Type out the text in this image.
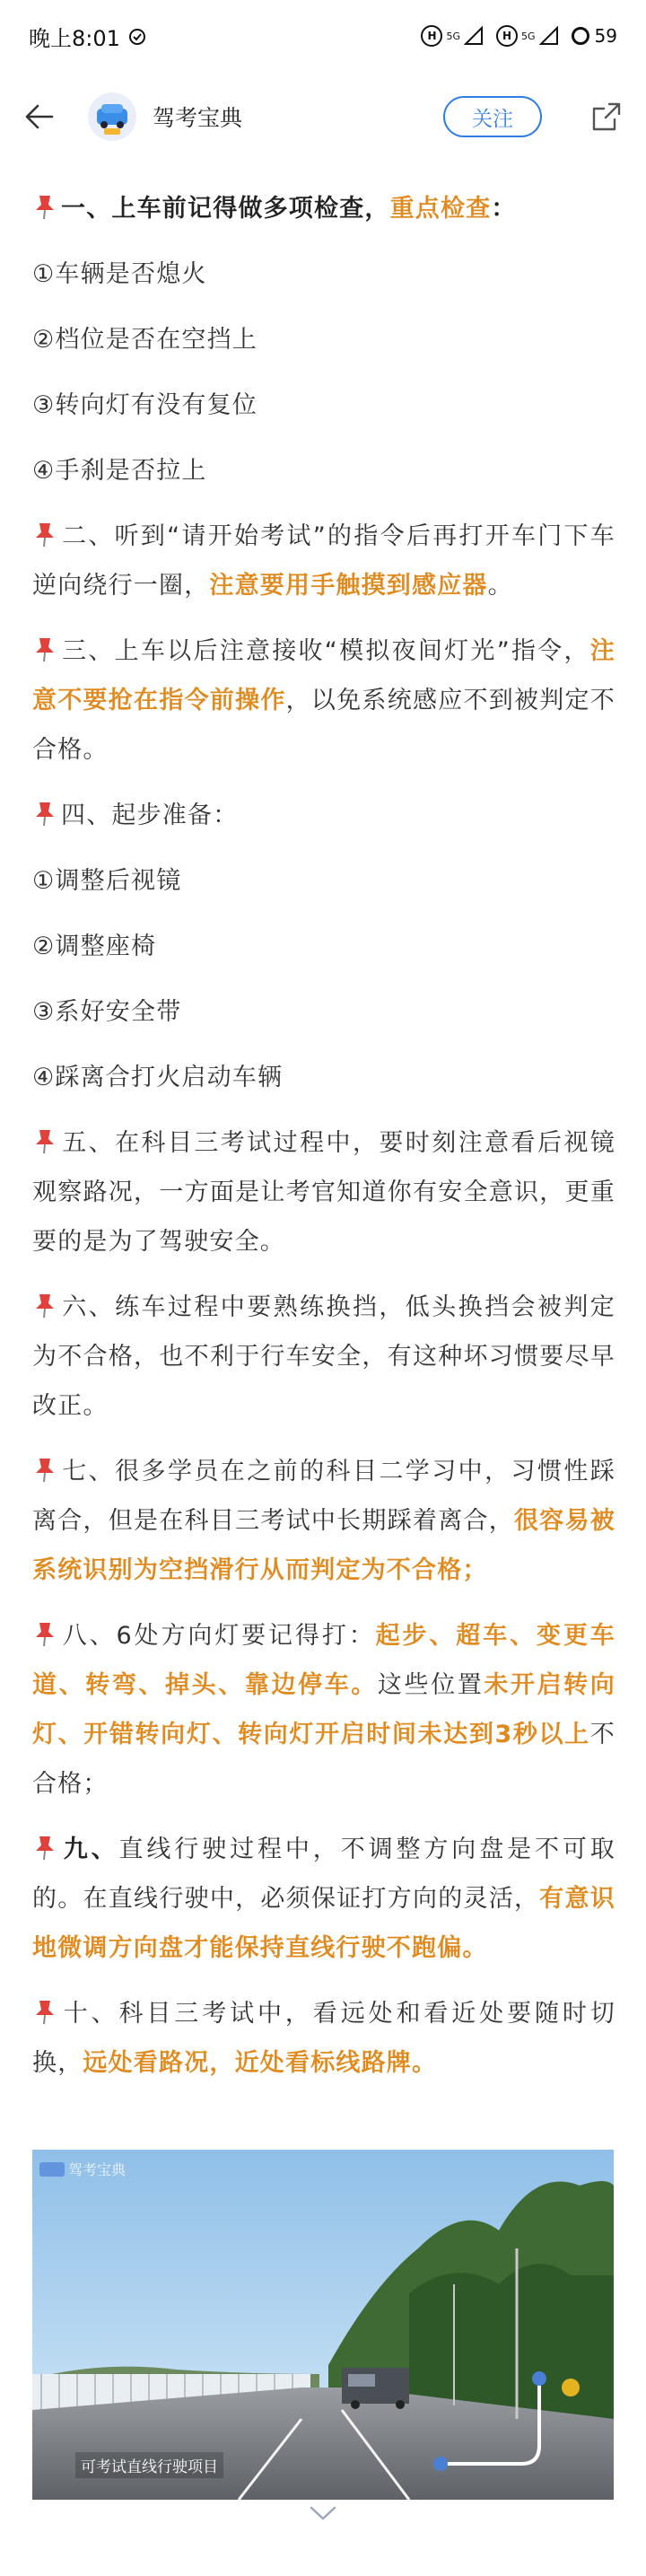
晚上8:01	H 5G	H 5G	59
驾考宝典	关注

一、上车前记得做多项检查，重点检查：

①车辆是否熄火

②档位是否在空挡上

③转向灯有没有复位

④手刹是否拉上

二、听到“请开始考试”的指令后再打开车门下车逆向绕行一圈，注意要用手触摸到感应器。

三、上车以后注意接收“模拟夜间灯光”指令，注意不要抢在指令前操作，以免系统感应不到被判定不合格。

四、起步准备：

①调整后视镜

②调整座椅

③系好安全带

④踩离合打火启动车辆

五、在科目三考试过程中，要时刻注意看后视镜观察路况，一方面是让考官知道你有安全意识，更重要的是为了驾驶安全。

六、练车过程中要熟练换挡，低头换挡会被判定为不合格，也不利于行车安全，有这种坏习惯要尽早改正。

七、很多学员在之前的科目二学习中，习惯性踩离合，但是在科目三考试中长期踩着离合，很容易被系统识别为空挡滑行从而判定为不合格；

八、6处方向灯要记得打：起步、超车、变更车道、转弯、掉头、靠边停车。这些位置未开启转向灯、开错转向灯、转向灯开启时间未达到3秒以上不合格；

九、直线行驶过程中，不调整方向盘是不可取的。在直线行驶中，必须保证打方向的灵活，有意识地微调方向盘才能保持直线行驶不跑偏。

十、科目三考试中，看远处和看近处要随时切换，远处看路况，近处看标线路牌。

驾考宝典
可考试直线行驶项目
